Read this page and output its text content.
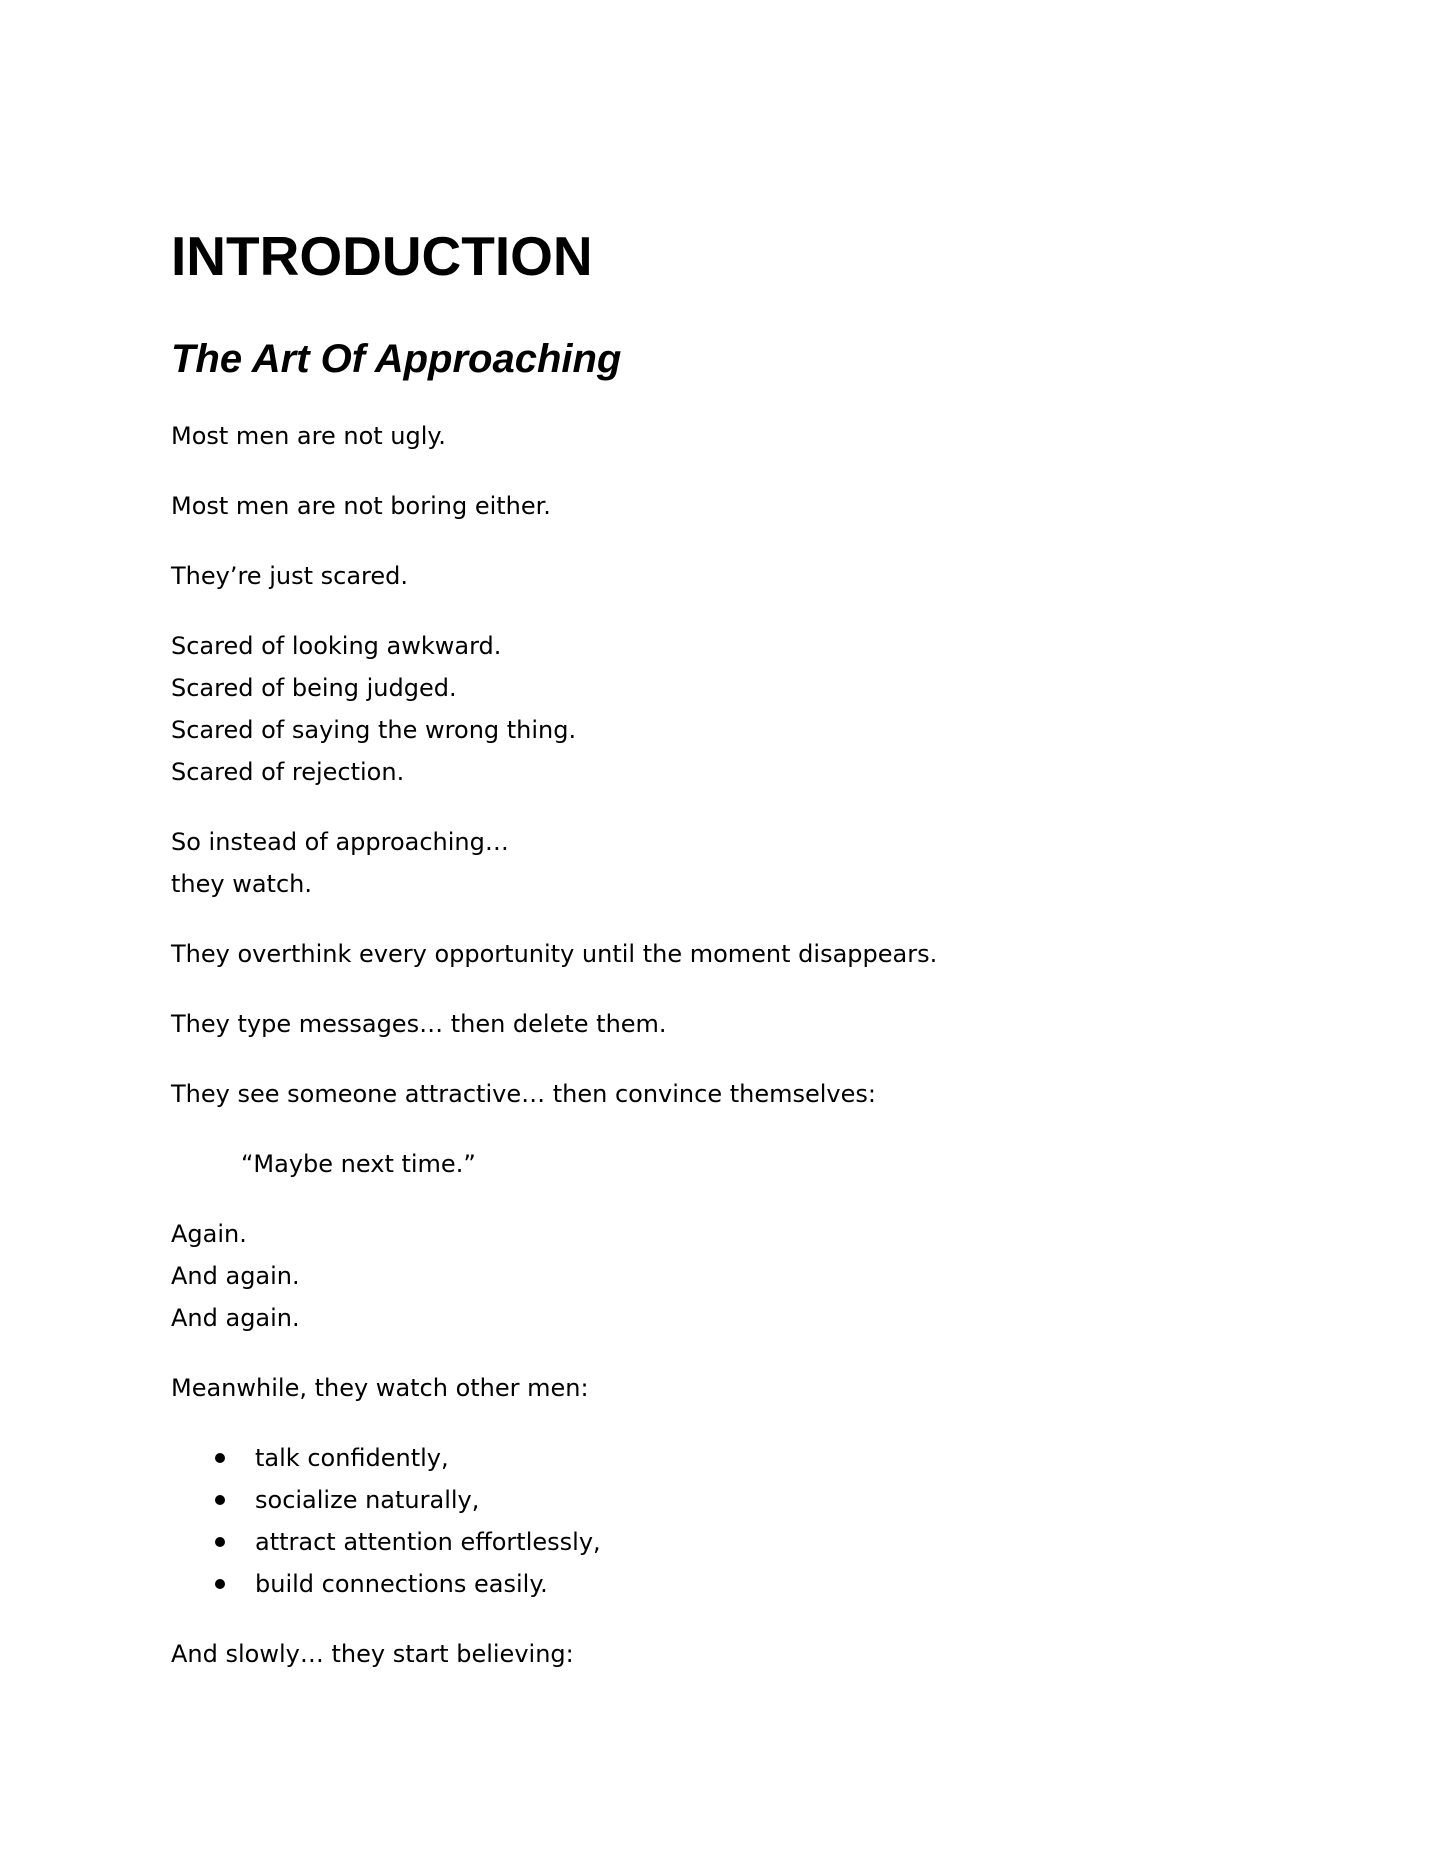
INTRODUCTION
The Art Of Approaching
Most men are not ugly.
Most men are not boring either.
They’re just scared.
Scared of looking awkward.
Scared of being judged.
Scared of saying the wrong thing.
Scared of rejection.
So instead of approaching…
they watch.
They overthink every opportunity until the moment disappears.
They type messages… then delete them.
They see someone attractive… then convince themselves:
“Maybe next time.”
Again.
And again.
And again.
Meanwhile, they watch other men:
talk confidently,
socialize naturally,
attract attention effortlessly,
build connections easily.
And slowly… they start believing:
